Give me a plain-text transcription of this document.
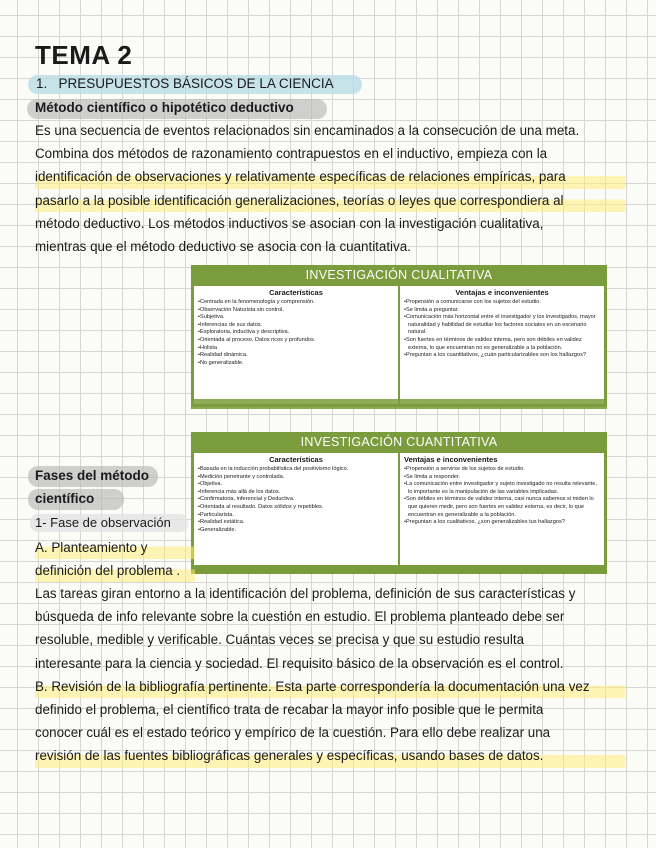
TEMA 2
1.   PRESUPUESTOS BÁSICOS DE LA CIENCIA
Método científico o hipotético deductivo
Es una secuencia de eventos relacionados sin encaminados a la consecución de una meta.
Combina dos métodos de razonamiento contrapuestos en el inductivo, empieza con la
identificación de observaciones y relativamente específicas de relaciones empíricas, para
pasarlo a la posible identificación generalizaciones, teorías o leyes que correspondiera al
método deductivo. Los métodos inductivos se asocian con la investigación cualitativa,
mientras que el método deductivo se asocia con la cuantitativa.
INVESTIGACIÓN CUALITATIVA
Características
• Centrada en la fenomenología y comprensión.
• Observación Naturista sin control.
• Subjetiva.
• Inferencias de sus datos.
• Exploratoria, inductiva y descriptiva.
• Orientada al proceso. Datos ricos y profundos.
• Holista
• Realidad dinámica.
• No generalizable.
Ventajas e inconvenientes
• Propensión a comunicarse con los sujetos del estudio.
• Se limita a preguntar.
• Comunicación más horizontal entre el investigador y los investigados, mayor naturalidad y habilidad de estudiar los factores sociales en un escenario natural.
• Son fuertes en términos de validez interna, pero son débiles en validez externa, lo que encuentran no es generalizable a la población.
• Preguntan a los cuantitativos, ¿cuán particularizables son los hallazgos?
INVESTIGACIÓN CUANTITATIVA
Características
• Basada en la inducción probabilística del positivismo lógico.
• Medición penetrante y controlada.
• Objetiva.
• Inferencia más allá de los datos.
• Confirmatoria, inferencial y Deductiva.
• Orientada al resultado. Datos sólidos y repetibles.
• Particularista.
• Realidad estática.
• Generalizable.
Ventajas e inconvenientes
• Propensión a servirse de los sujetos de estudio.
• Se limita a responder.
• La comunicación entre investigador y sujeto investigado no resulta relevante, lo importante es la manipulación de las variables implicadas.
• Son débiles en términos de validez interna, casi nunca sabemos si miden lo que quieren medir, pero son fuertes en validez externa, es decir, lo que encuentran es generalizable a la población.
• Preguntan a los cualitativos, ¿son generalizables tus hallazgos?
Fases del método
científico
1- Fase de observación
A. Planteamiento y
definición del problema .
Las tareas giran entorno a la identificación del problema, definición de sus características y
búsqueda de info relevante sobre la cuestión en estudio. El problema planteado debe ser
resoluble, medible y verificable. Cuántas veces se precisa y que su estudio resulta
interesante para la ciencia y sociedad. El requisito básico de la observación es el control.
B. Revisión de la bibliografía pertinente. Esta parte correspondería la documentación una vez
definido el problema, el científico trata de recabar la mayor info posible que le permita
conocer cuál es el estado teórico y empírico de la cuestión. Para ello debe realizar una
revisión de las fuentes bibliográficas generales y específicas, usando bases de datos.
